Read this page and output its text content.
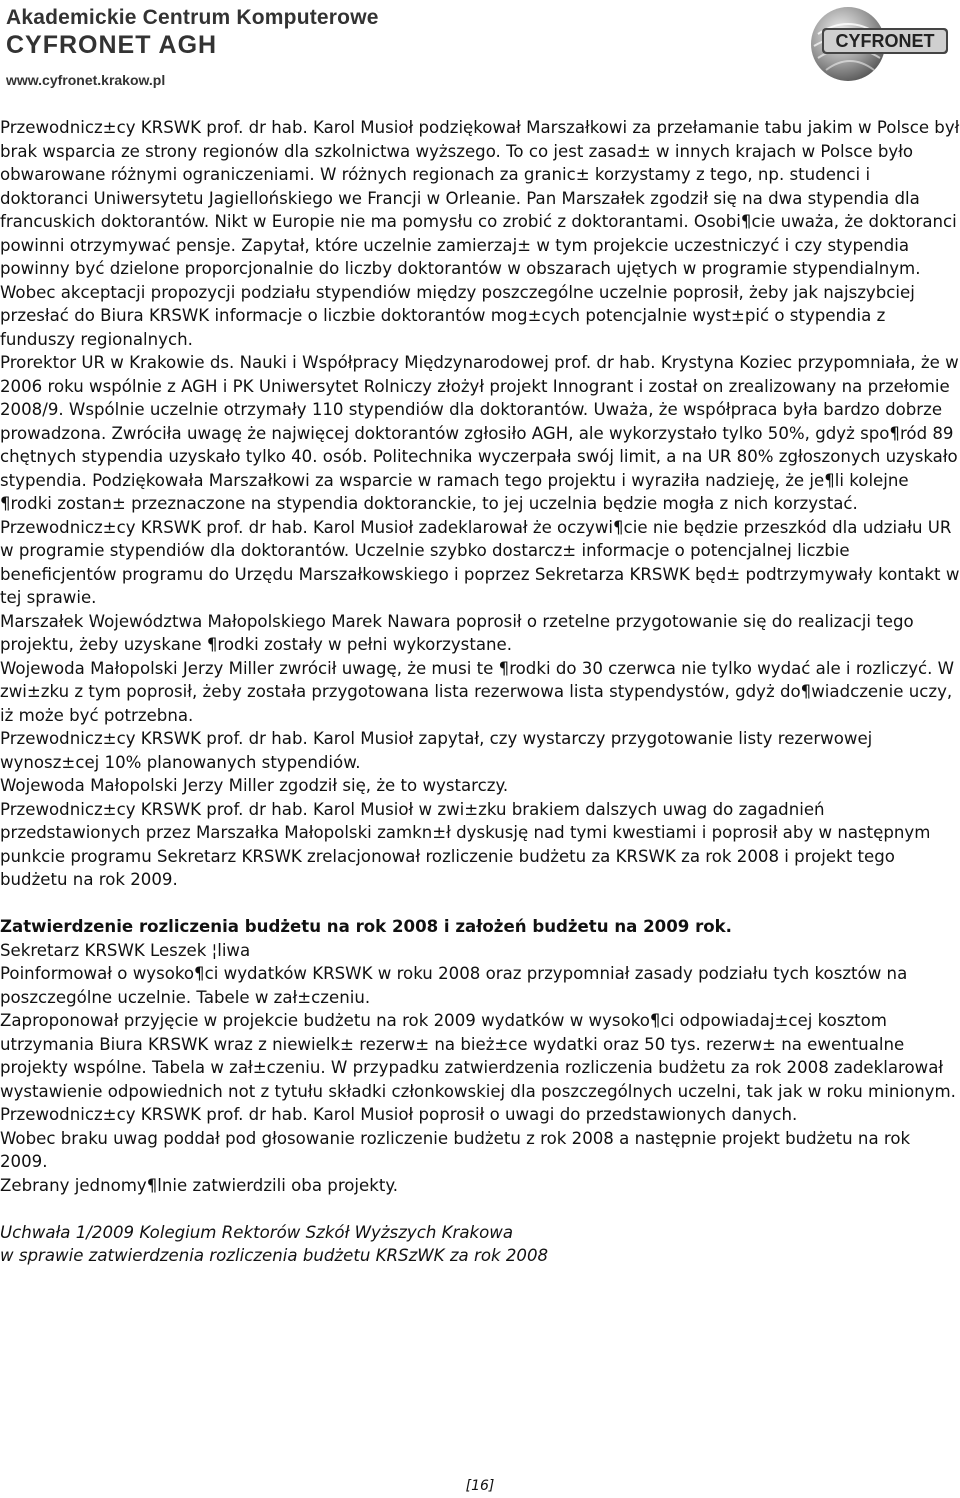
Akademickie Centrum Komputerowe
CYFRONET AGH
www.cyfronet.krakow.pl
CYFRONET

Przewodnicz±cy KRSWK prof. dr hab. Karol Musioł podziękował Marszałkowi za przełamanie tabu jakim w Polsce był brak wsparcia ze strony regionów dla szkolnictwa wyższego. To co jest zasad± w innych krajach w Polsce było obwarowane różnymi ograniczeniami. W różnych regionach za granic± korzystamy z tego, np. studenci i doktoranci Uniwersytetu Jagiellońskiego we Francji w Orleanie. Pan Marszałek zgodził się na dwa stypendia dla francuskich doktorantów. Nikt w Europie nie ma pomysłu co zrobić z doktorantami. Osobi¶cie uważa, że doktoranci powinni otrzymywać pensje. Zapytał, które uczelnie zamierzaj± w tym projekcie uczestniczyć i czy stypendia powinny być dzielone proporcjonalnie do liczby doktorantów w obszarach ujętych w programie stypendialnym.

Wobec akceptacji propozycji podziału stypendiów między poszczególne uczelnie poprosił, żeby jak najszybciej przesłać do Biura KRSWK informacje o liczbie doktorantów mog±cych potencjalnie wyst±pić o stypendia z funduszy regionalnych.

Prorektor UR w Krakowie ds. Nauki i Współpracy Międzynarodowej prof. dr hab. Krystyna Koziec przypomniała, że w 2006 roku wspólnie z AGH i PK Uniwersytet Rolniczy złożył projekt Innogrant i został on zrealizowany na przełomie 2008/9. Wspólnie uczelnie otrzymały 110 stypendiów dla doktorantów. Uważa, że współpraca była bardzo dobrze prowadzona. Zwróciła uwagę że najwięcej doktorantów zgłosiło AGH, ale wykorzystało tylko 50%, gdyż spo¶ród 89 chętnych stypendia uzyskało tylko 40. osób. Politechnika wyczerpała swój limit, a na UR 80% zgłoszonych uzyskało stypendia. Podziękowała Marszałkowi za wsparcie w ramach tego projektu i wyraziła nadzieję, że je¶li kolejne ¶rodki zostan± przeznaczone na stypendia doktoranckie, to jej uczelnia będzie mogła z nich korzystać.

Przewodnicz±cy KRSWK prof. dr hab. Karol Musioł zadeklarował że oczywi¶cie nie będzie przeszkód dla udziału UR w programie stypendiów dla doktorantów. Uczelnie szybko dostarcz± informacje o potencjalnej liczbie beneficjentów programu do Urzędu Marszałkowskiego i poprzez Sekretarza KRSWK będ± podtrzymywały kontakt w tej sprawie.

Marszałek Województwa Małopolskiego Marek Nawara poprosił o rzetelne przygotowanie się do realizacji tego projektu, żeby uzyskane ¶rodki zostały w pełni wykorzystane.

Wojewoda Małopolski Jerzy Miller zwrócił uwagę, że musi te ¶rodki do 30 czerwca nie tylko wydać ale i rozliczyć. W zwi±zku z tym poprosił, żeby została przygotowana lista rezerwowa lista stypendystów, gdyż do¶wiadczenie uczy, iż może być potrzebna.

Przewodnicz±cy KRSWK prof. dr hab. Karol Musioł zapytał, czy wystarczy przygotowanie listy rezerwowej wynosz±cej 10% planowanych stypendiów.

Wojewoda Małopolski Jerzy Miller zgodził się, że to wystarczy.

Przewodnicz±cy KRSWK prof. dr hab. Karol Musioł w zwi±zku brakiem dalszych uwag do zagadnień przedstawionych przez Marszałka Małopolski zamkn±ł dyskusję nad tymi kwestiami i poprosił aby w następnym punkcie programu Sekretarz KRSWK zrelacjonował rozliczenie budżetu za KRSWK za rok 2008 i projekt tego budżetu na rok 2009.

Zatwierdzenie rozliczenia budżetu na rok 2008 i założeń budżetu na 2009 rok.

Sekretarz KRSWK Leszek ¦liwa

Poinformował o wysoko¶ci wydatków KRSWK w roku 2008 oraz przypomniał zasady podziału tych kosztów na poszczególne uczelnie. Tabele w zał±czeniu.

Zaproponował przyjęcie w projekcie budżetu na rok 2009 wydatków w wysoko¶ci odpowiadaj±cej kosztom utrzymania Biura KRSWK wraz z niewielk± rezerw± na bież±ce wydatki oraz 50 tys. rezerw± na ewentualne projekty wspólne. Tabela w zał±czeniu. W przypadku zatwierdzenia rozliczenia budżetu za rok 2008 zadeklarował wystawienie odpowiednich not z tytułu składki członkowskiej dla poszczególnych uczelni, tak jak w roku minionym.

Przewodnicz±cy KRSWK prof. dr hab. Karol Musioł poprosił o uwagi do przedstawionych danych.

Wobec braku uwag poddał pod głosowanie rozliczenie budżetu z rok 2008 a następnie projekt budżetu na rok 2009.

Zebrany jednomy¶lnie zatwierdzili oba projekty.

Uchwała 1/2009 Kolegium Rektorów Szkół Wyższych Krakowa

w sprawie zatwierdzenia rozliczenia budżetu KRSzWK za rok 2008

[16]
